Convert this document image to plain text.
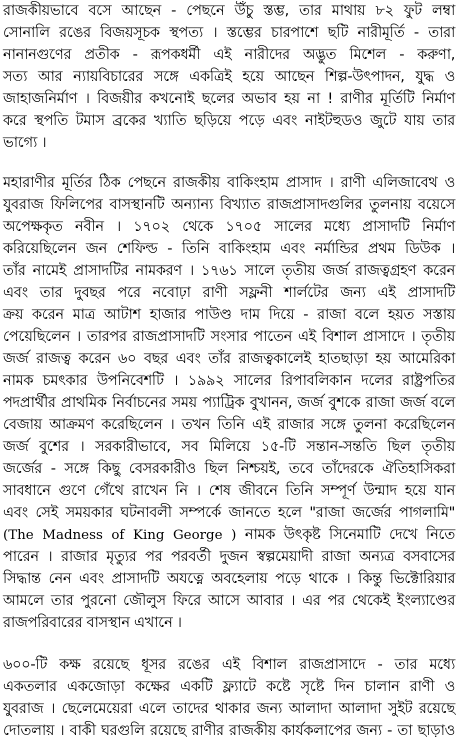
রাজকীয়ভাবে বসে আছেন - পেছনে উঁচু স্তম্ভ, তার মাথায় ৮২ ফুট লম্বা
সোনালি রঙের বিজয়সূচক স্থপত্য । স্তম্ভের চারপাশে ছটি নারীমূর্তি - তারা
নানানগুণের প্রতীক - রূপকধর্মী এই নারীদের অদ্ভুত মিশেল - করুণা,
সত্য আর ন্যায়বিচারের সঙ্গে একত্রিই হয়ে আছেন শিল্প-উৎপাদন, যুদ্ধ ও
জাহাজনির্মাণ । বিজয়ীর কখনোই ছলের অভাব হয় না ! রাণীর মূর্তিটি নির্মাণ
করে স্থপতি টমাস ব্রকের খ্যাতি ছড়িয়ে পড়ে এবং নাইটহুডও জুটে যায় তার
ভাগ্যে ।
মহারাণীর মূর্তির ঠিক পেছনে রাজকীয় বাকিংহাম প্রাসাদ । রাণী এলিজাবেথ ও
যুবরাজ ফিলিপের বাসস্থানটি অন্যান্য বিখ্যাত রাজপ্রাসাদগুলির তুলনায় বয়েসে
অপেক্ষকৃত নবীন । ১৭০২ থেকে ১৭০৫ সালের মধ্যে প্রাসাদটি নির্মাণ
করিয়েছিলেন জন শেফিল্ড - তিনি বাকিংহাম এবং নর্মান্ডির প্রথম ডিউক ।
তাঁর নামেই প্রাসাদটির নামকরণ । ১৭৬১ সালে তৃতীয় জর্জ রাজত্বগ্রহণ করেন
এবং তার দুবছর পরে নবোঢ়া রাণী সফ্লনী শার্লটের জন্য এই প্রাসাদটি
ক্রয় করেন মাত্র আটাশ হাজার পাউণ্ড দাম দিয়ে - রাজা বলে হয়ত সস্তায়
পেয়েছিলেন । তারপর রাজপ্রাসাদটি সংসার পাতেন এই বিশাল প্রাসাদে । তৃতীয়
জর্জ রাজত্ব করেন ৬০ বছর এবং তাঁর রাজত্বকালেই হাতছাড়া হয় আমেরিকা
নামক চমৎকার উপনিবেশটি । ১৯৯২ সালের রিপাবলিকান দলের রাষ্ট্রপতির
পদপ্রার্থীর প্রাথমিক নির্বাচনের সময় প্যাট্রিক বুখানন, জর্জ বুশকে রাজা জর্জ বলে
বেজায় আক্রমণ করেছিলেন । তখন তিনি এই রাজার সঙ্গে তুলনা করেছিলেন
জর্জ বুশের । সরকারীভাবে, সব মিলিয়ে ১৫-টি সন্তান-সন্ততি ছিল তৃতীয়
জর্জের - সঙ্গে কিছু বেসরকারীও ছিল নিশ্চয়ই, তবে তাঁদেরকে ঐতিহাসিকরা
সাবধানে গুণে গেঁথে রাখেন নি । শেষ জীবনে তিনি সম্পূর্ণ উন্মাদ হয়ে যান
এবং সেই সময়কার ঘটনাবলী সম্পর্কে জানতে হলে "রাজা জর্জের পাগলামি"
(The Madness of King George ) নামক উৎকৃষ্ট সিনেমাটি দেখে নিতে
পারেন । রাজার মৃত্যুর পর পরবর্তী দুজন স্বল্পমেয়াদী রাজা অন্যত্র বসবাসের
সিদ্ধান্ত নেন এবং প্রাসাদটি অযত্নে অবহেলায় পড়ে থাকে । কিন্তু ভিক্টোরিয়ার
আমলে তার পুরনো জৌলুস ফিরে আসে আবার । এর পর থেকেই ইংল্যাণ্ডের
রাজপরিবারের বাসস্থান এখানে ।
৬০০-টি কক্ষ রয়েছে ধূসর রঙের এই বিশাল রাজপ্রাসাদে - তার মধ্যে
একতলার একজোড়া কক্ষের একটি ফ্ল্যাটে কষ্টে সৃষ্টে দিন চালান রাণী ও
যুবরাজ । ছেলেমেয়েরা এলে তাদের থাকার জন্য আলাদা আলাদা সুইট রয়েছে
দোতলায় । বাকী ঘরগুলি রয়েছে রাণীর রাজকীয় কার্যকলাপের জন্য - তা ছাড়াও
